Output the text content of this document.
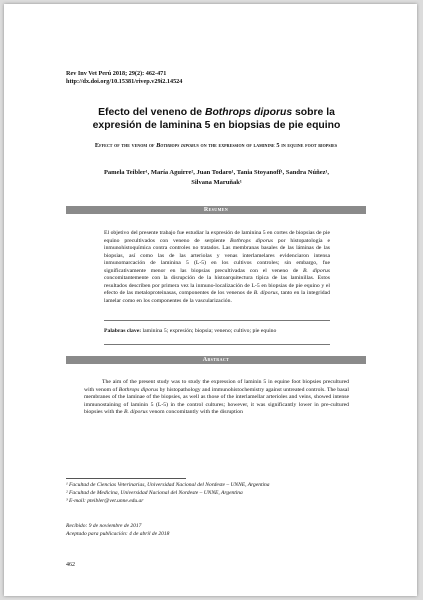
Rev Inv Vet Perú 2018; 29(2): 462-471
http://dx.doi.org/10.15381/rivep.v29i2.14524
Efecto del veneno de Bothrops diporus sobre la expresión de laminina 5 en biopsias de pie equino
Effect of the venom of Bothrops diporus on the expression of laminine 5 in equine foot biopsies
Pamela Teibler¹, María Aguirre², Juan Todaro¹, Tania Stoyanoff¹, Sandra Núñez¹,
Silvana Maruñak¹
Resumen
El objetivo del presente trabajo fue estudiar la expresión de laminina 5 en cortes de biopsias de pie equino precultivados con veneno de serpiente Bothrops diporus por histopatología e inmunohistoquímica contra controles no tratados. Las membranas basales de las láminas de las biopsias, así como las de las arteriolas y venas interlamelares evidenciaron intensa inmunomarcación de laminina 5 (L-5) en los cultivos controles; sin embargo, fue significativamente menor en las biopsias precultivadas con el veneno de B. diporus concomitantemente con la disrupción de la histoarquitectura típica de las laminillas. Estos resultados describen por primera vez la inmuno-localización de L-5 en biopsias de pie equino y el efecto de las metaloproteinasas, componentes de los venenos de B. diporus, tanto en la integridad lamelar como en los componentes de la vascularización.
Palabras clave: laminina 5; expresión; biopsia; veneno; cultivo; pie equino
Abstract
The aim of the present study was to study the expression of laminin 5 in equine foot biopsies precultured with venom of Bothrops diporus by histopathology and immunohistochemistry against untreated controls. The basal membranes of the laminae of the biopsies, as well as those of the interlamellar arterioles and veins, showed intense immunostaining of laminin 5 (L-5) in the control cultures; however, it was significantly lower in pre-cultured biopsies with the B. diporus venom concomitantly with the disruption
¹ Facultad de Ciencias Veterinarias, Universidad Nacional del Nordeste – UNNE, Argentina
² Facultad de Medicina, Universidad Nacional del Nordeste – UNNE, Argentina
³ E-mail: pteibler@vet.unne.edu.ar
Recibido: 9 de noviembre de 2017
Aceptado para publicación: 4 de abril de 2018
462
